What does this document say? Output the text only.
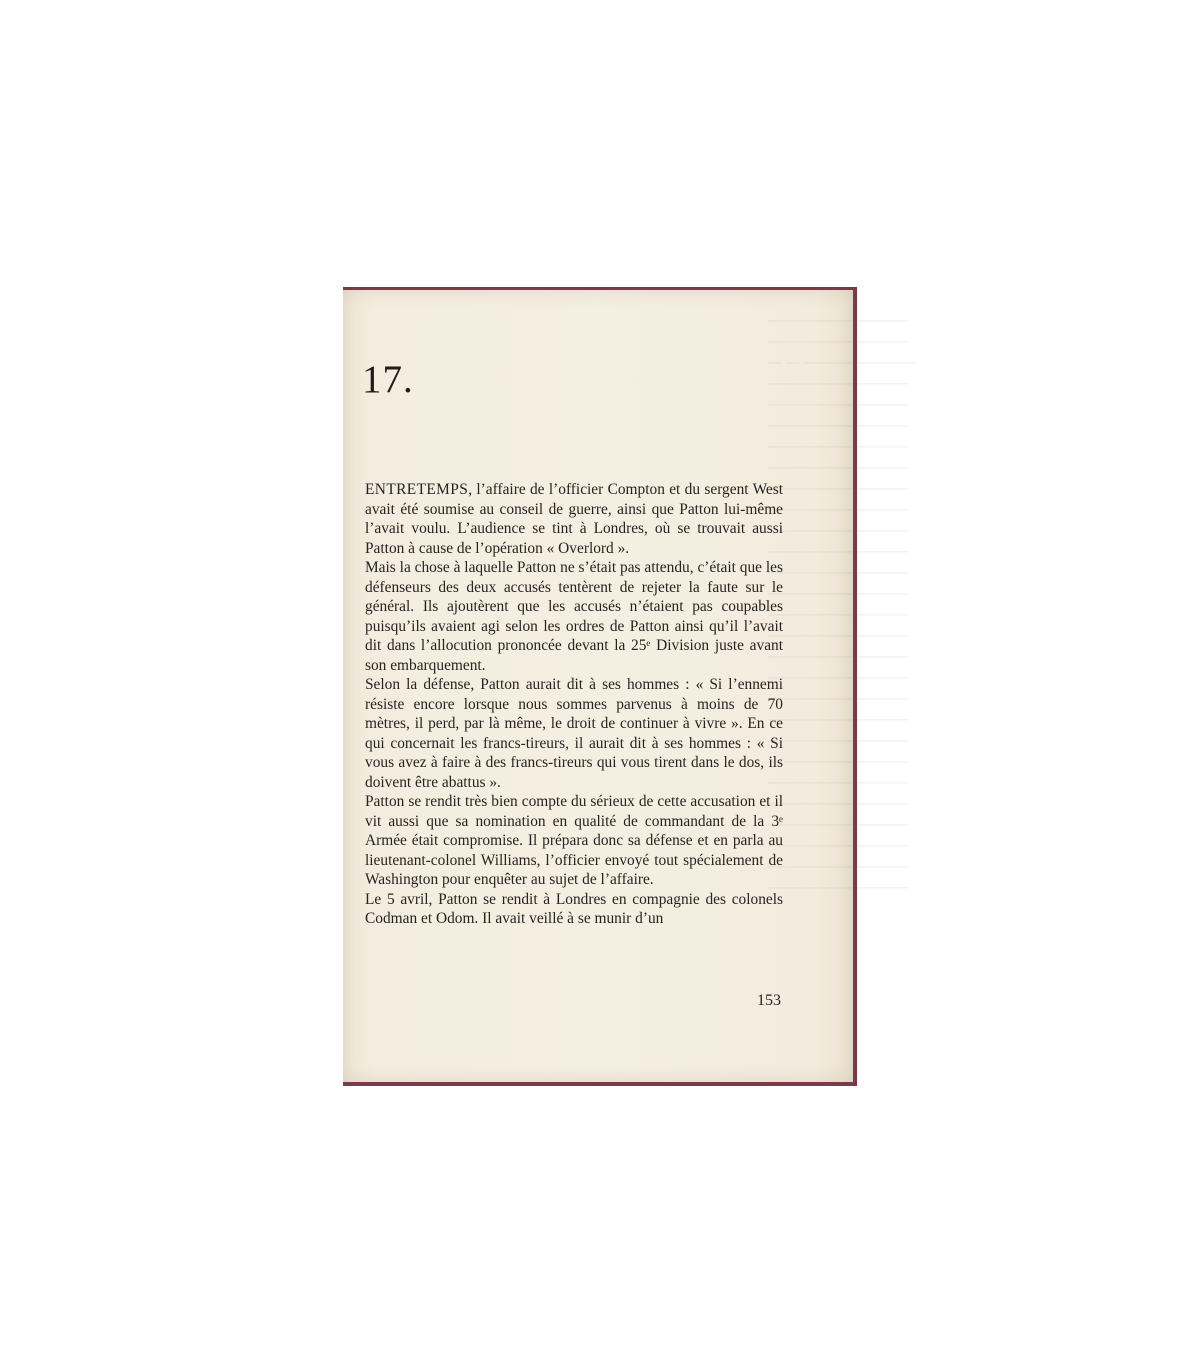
——————————
——————————
— — ————————
——————————
——————————
——————————
——————————
——————————
——————————
——————————
——————————
——————————
——————————
——————————
——————————
——————————
——————————
——————————
——————————
——————————
——————————
——————————
——————————
——————————
——————————
——————————
——————————
——————————
17.

ENTRETEMPS, l’affaire de l’officier Compton et du sergent West avait été soumise au conseil de guerre, ainsi que Patton lui-même l’avait voulu. L’audience se tint à Londres, où se trouvait aussi Patton à cause de l’opération « Overlord ».

Mais la chose à laquelle Patton ne s’était pas attendu, c’était que les défenseurs des deux accusés tentèrent de rejeter la faute sur le général. Ils ajoutèrent que les accusés n’étaient pas coupables puisqu’ils avaient agi selon les ordres de Patton ainsi qu’il l’avait dit dans l’allocution prononcée devant la 25ᵉ Division juste avant son embarquement.

Selon la défense, Patton aurait dit à ses hommes : « Si l’ennemi résiste encore lorsque nous sommes parvenus à moins de 70 mètres, il perd, par là même, le droit de continuer à vivre ». En ce qui concernait les francs-tireurs, il aurait dit à ses hommes : « Si vous avez à faire à des francs-tireurs qui vous tirent dans le dos, ils doivent être abattus ».

Patton se rendit très bien compte du sérieux de cette accusation et il vit aussi que sa nomination en qualité de commandant de la 3ᵉ Armée était compromise. Il prépara donc sa défense et en parla au lieutenant-colonel Williams, l’officier envoyé tout spécialement de Washington pour enquêter au sujet de l’affaire.

Le 5 avril, Patton se rendit à Londres en compagnie des colonels Codman et Odom. Il avait veillé à se munir d’un

153
